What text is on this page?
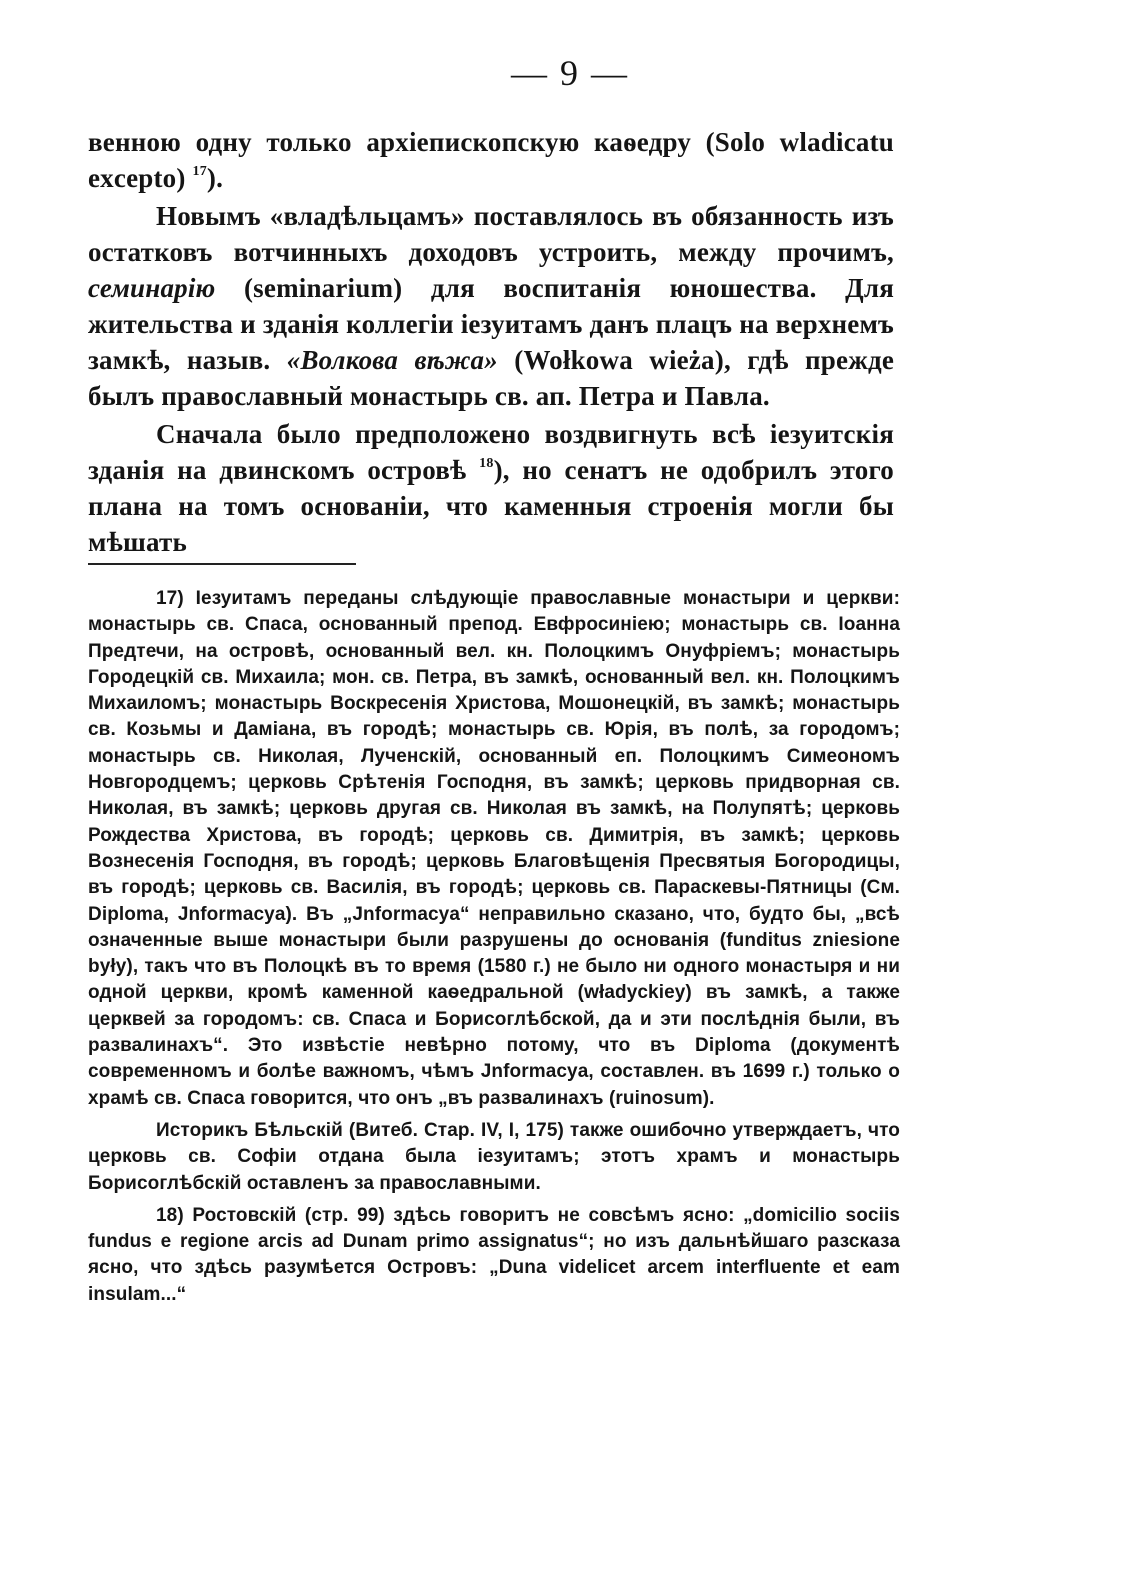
— 9 —

венною одну только архіепископскую каѳедру (Solo wladicatu excepto) $^{17}$).

Новымъ «владѣльцамъ» поставлялось въ обязанность изъ остатковъ вотчинныхъ доходовъ устроить, между прочимъ, семинарію (seminarium) для воспитанія юношества. Для жительства и зданія коллегіи іезуитамъ данъ плацъ на верхнемъ замкѣ, назыв. «Волкова вѣжа» (Wołkowa wieża), гдѣ прежде былъ православный монастырь св. ап. Петра и Павла.

Сначала было предположено воздвигнуть всѣ іезуитскія зданія на двинскомъ островѣ $^{18}$), но сенатъ не одобрилъ этого плана на томъ основаніи, что каменныя строенія могли бы мѣшать

17) Іезуитамъ переданы слѣдующіе православные монастыри и церкви: монастырь св. Спаса, основанный препод. Евфросиніею; монастырь св. Іоанна Предтечи, на островѣ, основанный вел. кн. Полоцкимъ Онуфріемъ; монастырь Городецкій св. Михаила; мон. св. Петра, въ замкѣ, основанный вел. кн. Полоцкимъ Михаиломъ; монастырь Воскресенія Христова, Мошонецкій, въ замкѣ; монастырь св. Козьмы и Даміана, въ городѣ; монастырь св. Юрія, въ полѣ, за городомъ; монастырь св. Николая, Лученскій, основанный еп. Полоцкимъ Симеономъ Новгородцемъ; церковь Срѣтенія Господня, въ замкѣ; церковь придворная св. Николая, въ замкѣ; церковь другая св. Николая въ замкѣ, на Полупятѣ; церковь Рождества Христова, въ городѣ; церковь св. Димитрія, въ замкѣ; церковь Вознесенія Господня, въ городѣ; церковь Благовѣщенія Пресвятыя Богородицы, въ городѣ; церковь св. Василія, въ городѣ; церковь св. Параскевы-Пятницы (См. Diploma, Jnformacya). Въ „Jnformacya“ неправильно сказано, что, будто бы, „всѣ означенные выше монастыри были разрушены до основанія (funditus zniesione były), такъ что въ Полоцкѣ въ то время (1580 г.) не было ни одного монастыря и ни одной церкви, кромѣ каменной каѳедральной (władyckiey) въ замкѣ, а также церквей за городомъ: св. Спаса и Борисоглѣбской, да и эти послѣднія были, въ развалинахъ“. Это извѣстіе невѣрно потому, что въ Diploma (документѣ современномъ и болѣе важномъ, чѣмъ Jnformacya, составлен. въ 1699 г.) только о храмѣ св. Спаса говорится, что онъ „въ развалинахъ (ruinosum).

Историкъ Бѣльскій (Витеб. Стар. IV, I, 175) также ошибочно утверждаетъ, что церковь св. Софіи отдана была іезуитамъ; этотъ храмъ и монастырь Борисоглѣбскій оставленъ за православными.

18) Ростовскій (стр. 99) здѣсь говоритъ не совсѣмъ ясно: „domicilio sociis fundus e regione arcis ad Dunam primo assignatus“; но изъ дальнѣйшаго разсказа ясно, что здѣсь разумѣется Островъ: „Duna videlicet arcem interfluente et eam insulam...“
